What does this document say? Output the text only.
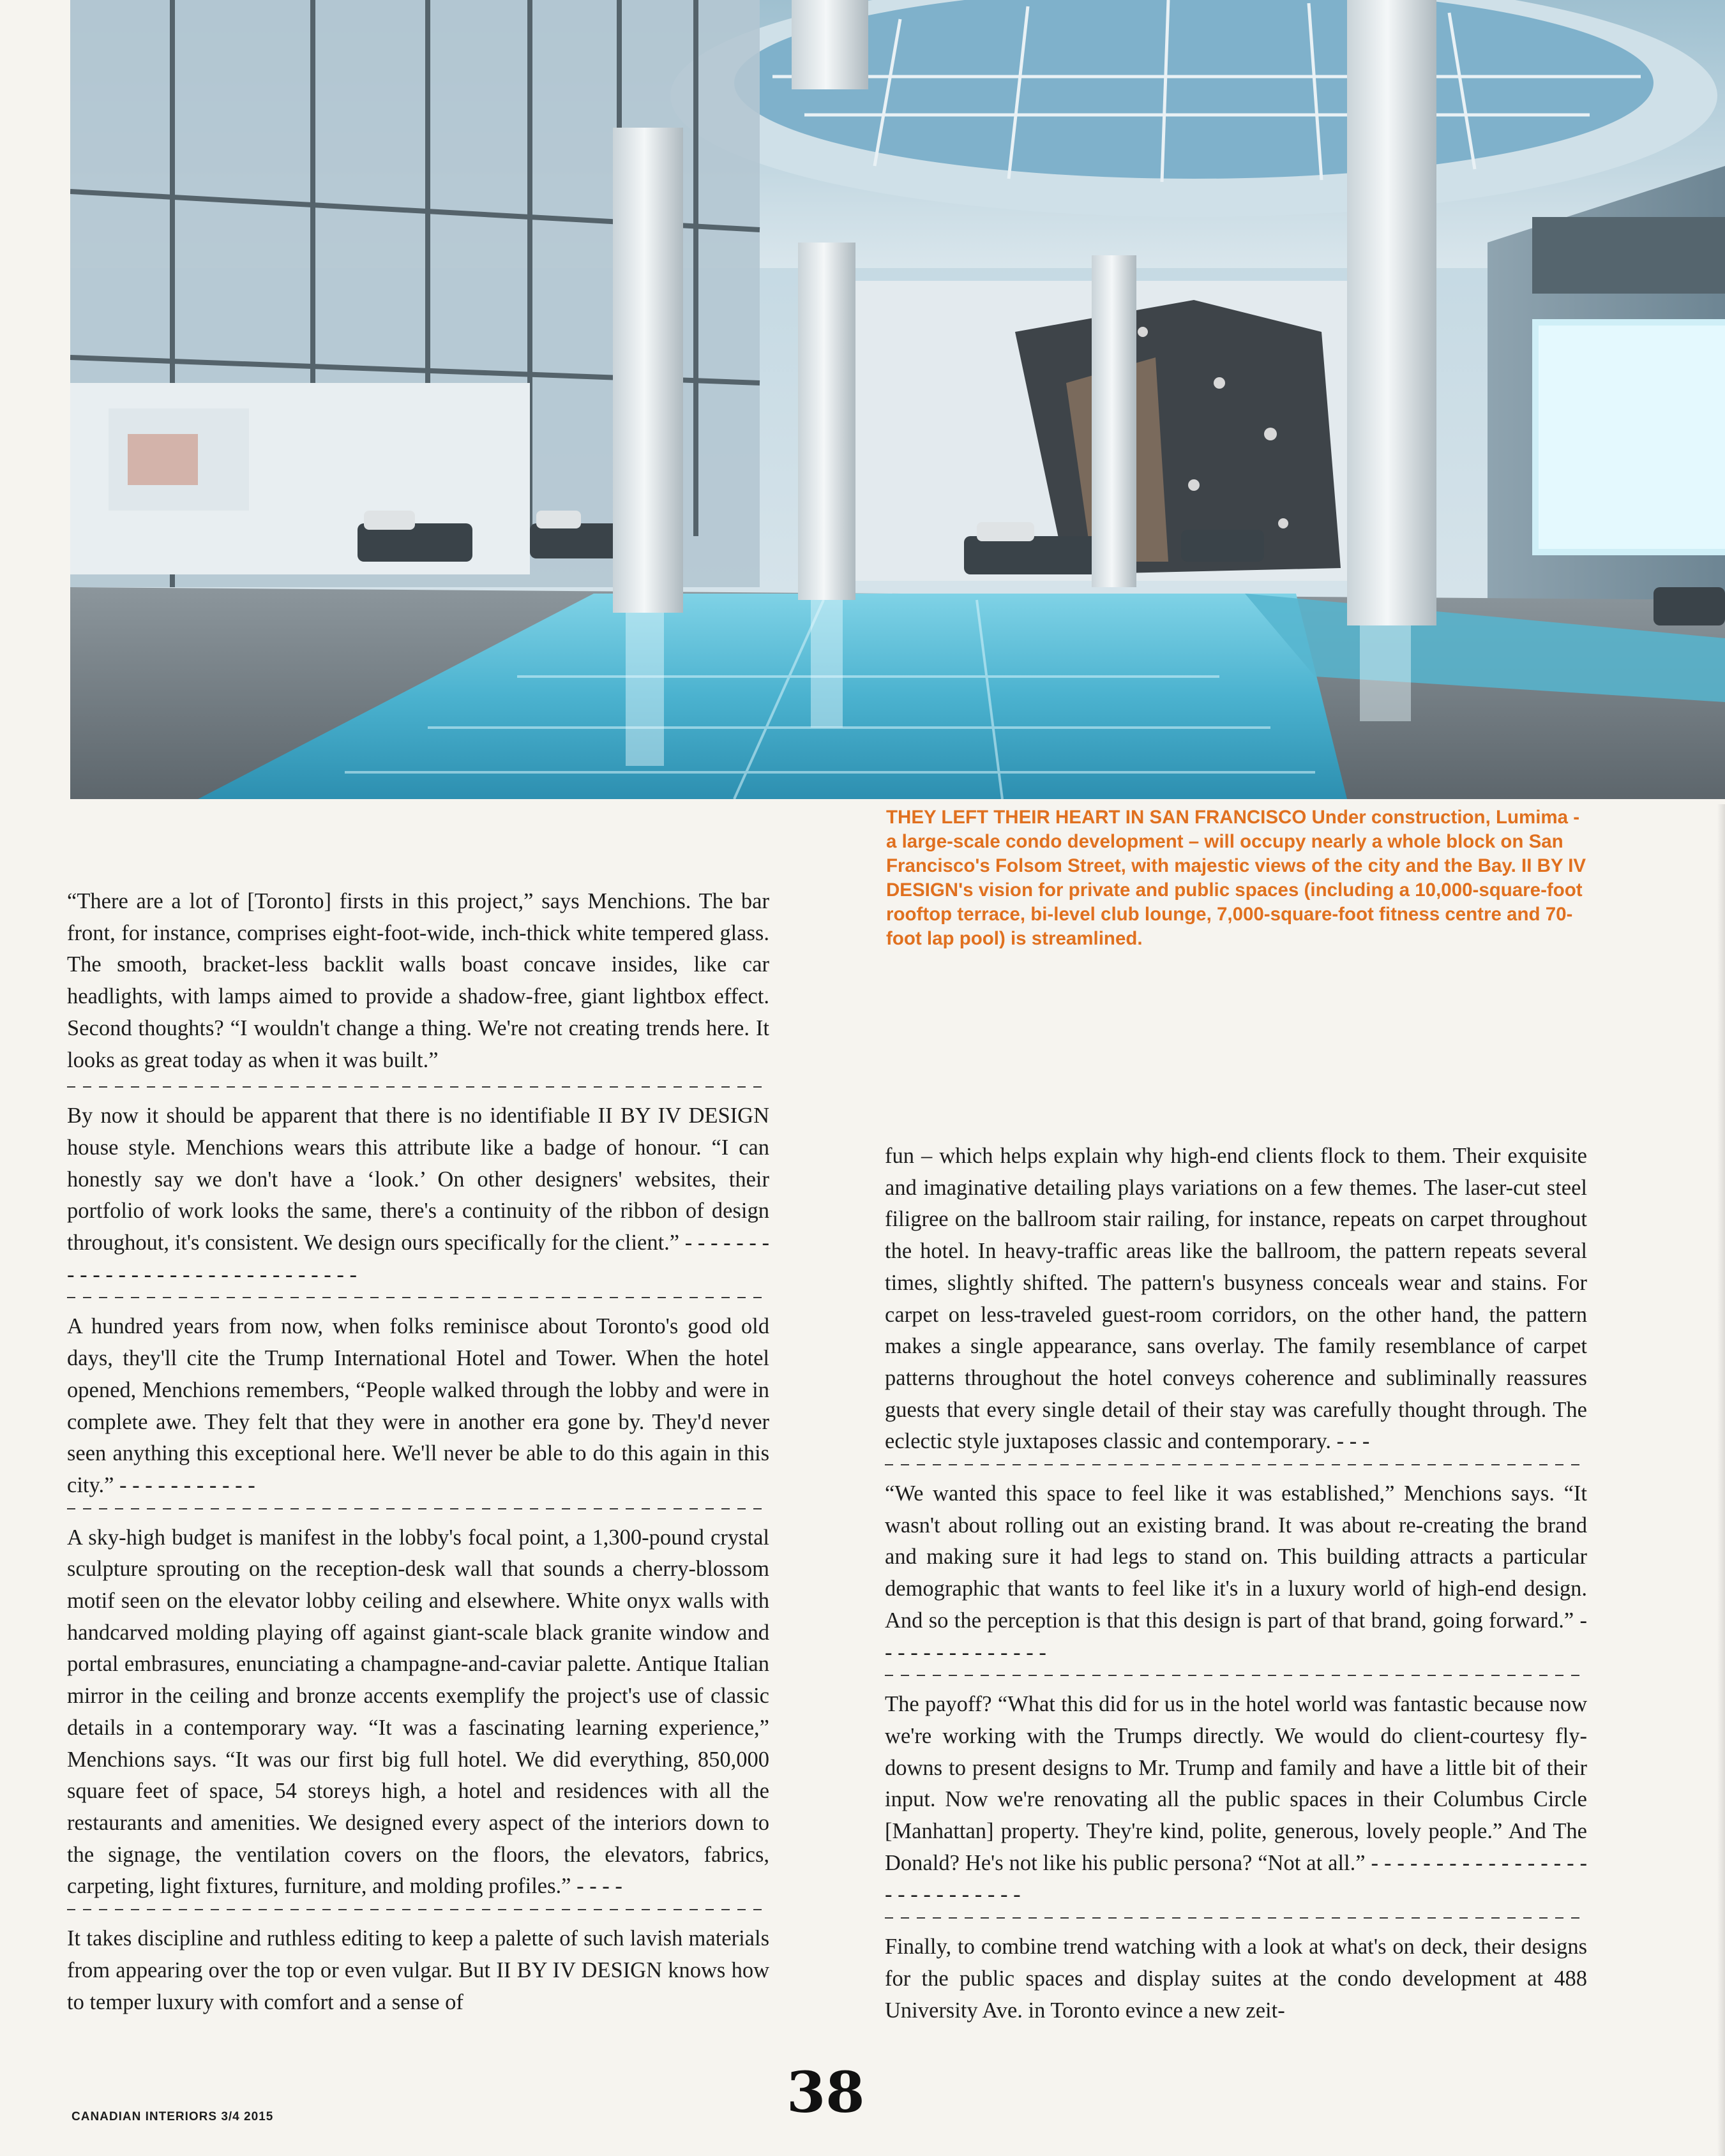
THEY LEFT THEIR HEART IN SAN FRANCISCO Under construction, Lumima - a large-scale condo development – will occupy nearly a whole block on San Francisco's Folsom Street, with majestic views of the city and the Bay. II BY IV DESIGN's vision for private and public spaces (including a 10,000-square-foot rooftop terrace, bi-level club lounge, 7,000-square-foot fitness centre and 70-foot lap pool) is streamlined.

“There are a lot of [Toronto] firsts in this project,” says Menchions. The bar front, for instance, comprises eight-foot-wide, inch-thick white tempered glass. The smooth, bracket-less backlit walls boast concave insides, like car headlights, with lamps aimed to provide a shadow-free, giant lightbox effect. Second thoughts? “I wouldn't change a thing. We're not creating trends here. It looks as great today as when it was built.”

By now it should be apparent that there is no identifiable II BY IV DESIGN house style. Menchions wears this attribute like a badge of honour. “I can honestly say we don't have a ‘look.’ On other designers' websites, their portfolio of work looks the same, there's a continuity of the ribbon of design throughout, it's consistent. We design ours specifically for the client.” - - - - - - - - - - - - - - - - - - - - - - - - - - - - - -

A hundred years from now, when folks reminisce about Toronto's good old days, they'll cite the Trump International Hotel and Tower. When the hotel opened, Menchions remembers, “People walked through the lobby and were in complete awe. They felt that they were in another era gone by. They'd never seen anything this exceptional here. We'll never be able to do this again in this city.” - - - - - - - - - - -

A sky-high budget is manifest in the lobby's focal point, a 1,300-pound crystal sculpture sprouting on the reception-desk wall that sounds a cherry-blossom motif seen on the elevator lobby ceiling and elsewhere. White onyx walls with handcarved molding playing off against giant-scale black granite window and portal embrasures, enunciating a champagne-and-caviar palette. Antique Italian mirror in the ceiling and bronze accents exemplify the project's use of classic details in a contemporary way. “It was a fascinating learning experience,” Menchions says. “It was our first big full hotel. We did everything, 850,000 square feet of space, 54 storeys high, a hotel and residences with all the restaurants and amenities. We designed every aspect of the interiors down to the signage, the ventilation covers on the floors, the elevators, fabrics, carpeting, light fixtures, furniture, and molding profiles.” - - - -

It takes discipline and ruthless editing to keep a palette of such lavish materials from appearing over the top or even vulgar. But II BY IV DESIGN knows how to temper luxury with comfort and a sense of

fun – which helps explain why high-end clients flock to them. Their exquisite and imaginative detailing plays variations on a few themes. The laser-cut steel filigree on the ballroom stair railing, for instance, repeats on carpet throughout the hotel. In heavy-traffic areas like the ballroom, the pattern repeats several times, slightly shifted. The pattern's busyness conceals wear and stains. For carpet on less-traveled guest-room corridors, on the other hand, the pattern makes a single appearance, sans overlay. The family resemblance of carpet patterns throughout the hotel conveys coherence and subliminally reassures guests that every single detail of their stay was carefully thought through. The eclectic style juxtaposes classic and contemporary. - - -

“We wanted this space to feel like it was established,” Menchions says. “It wasn't about rolling out an existing brand. It was about re-creating the brand and making sure it had legs to stand on. This building attracts a particular demographic that wants to feel like it's in a luxury world of high-end design. And so the perception is that this design is part of that brand, going forward.” - - - - - - - - - - - - - -

The payoff? “What this did for us in the hotel world was fantastic because now we're working with the Trumps directly. We would do client-courtesy fly-downs to present designs to Mr. Trump and family and have a little bit of their input. Now we're renovating all the public spaces in their Columbus Circle [Manhattan] property. They're kind, polite, generous, lovely people.” And The Donald? He's not like his public persona? “Not at all.” - - - - - - - - - - - - - - - - - - - - - - - - - - - -

Finally, to combine trend watching with a look at what's on deck, their designs for the public spaces and display suites at the condo development at 488 University Ave. in Toronto evince a new zeit-

CANADIAN INTERIORS 3/4 2015	38
